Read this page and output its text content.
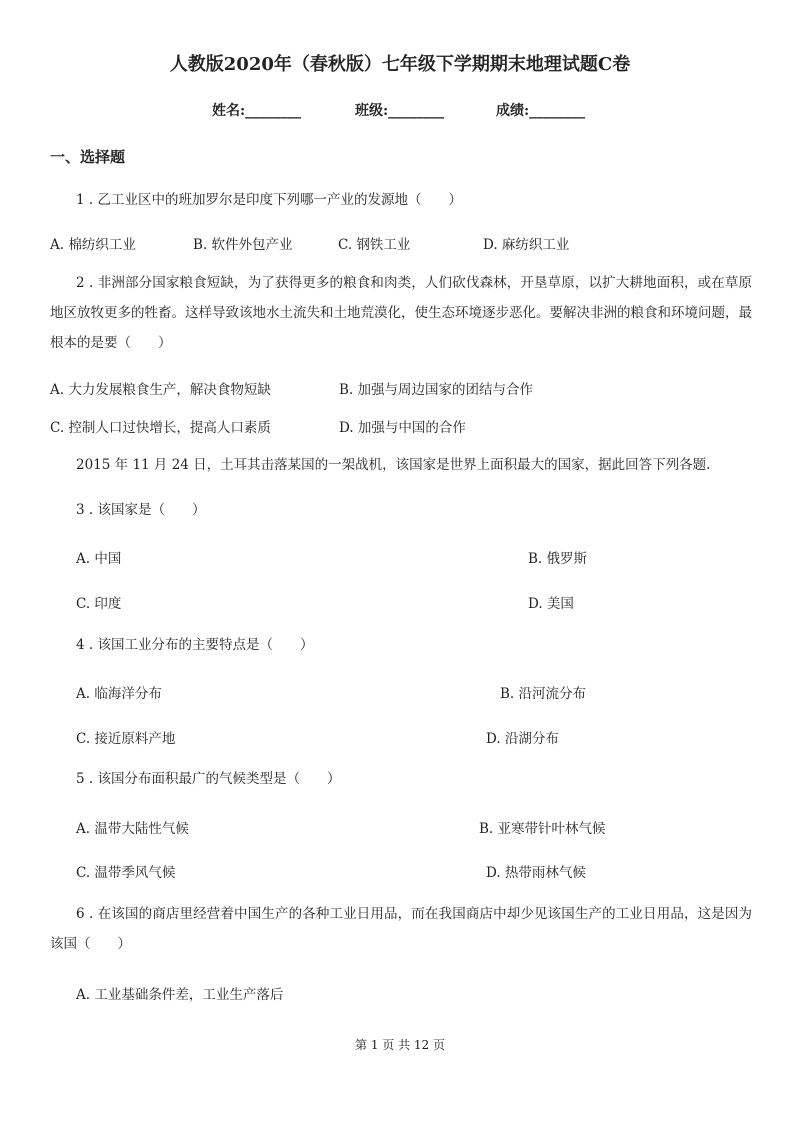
人教版2020年（春秋版）七年级下学期期末地理试题C卷
姓名:________	班级:________	成绩:________
一、选择题
1 . 乙工业区中的班加罗尔是印度下列哪一产业的发源地（　　）
A. 棉纺织工业	B. 软件外包产业	C. 钢铁工业	D. 麻纺织工业
2 . 非洲部分国家粮食短缺，为了获得更多的粮食和肉类，人们砍伐森林，开垦草原，以扩大耕地面积，或在草原地区放牧更多的牲畜。这样导致该地水土流失和土地荒漠化，使生态环境逐步恶化。要解决非洲的粮食和环境问题，最根本的是要（　　）
A. 大力发展粮食生产，解决食物短缺	B. 加强与周边国家的团结与合作
C. 控制人口过快增长，提高人口素质	D. 加强与中国的合作
2015 年 11 月 24 日，土耳其击落某国的一架战机，该国家是世界上面积最大的国家，据此回答下列各题.
3 . 该国家是（　　）
A. 中国	B. 俄罗斯
C. 印度	D. 美国
4 . 该国工业分布的主要特点是（　　）
A. 临海洋分布	B. 沿河流分布
C. 接近原料产地	D. 沿湖分布
5 . 该国分布面积最广的气候类型是（　　）
A. 温带大陆性气候	B. 亚寒带针叶林气候
C. 温带季风气候	D. 热带雨林气候
6 . 在该国的商店里经营着中国生产的各种工业日用品，而在我国商店中却少见该国生产的工业日用品，这是因为该国（　　）
A. 工业基础条件差，工业生产落后
第 1 页 共 12 页
